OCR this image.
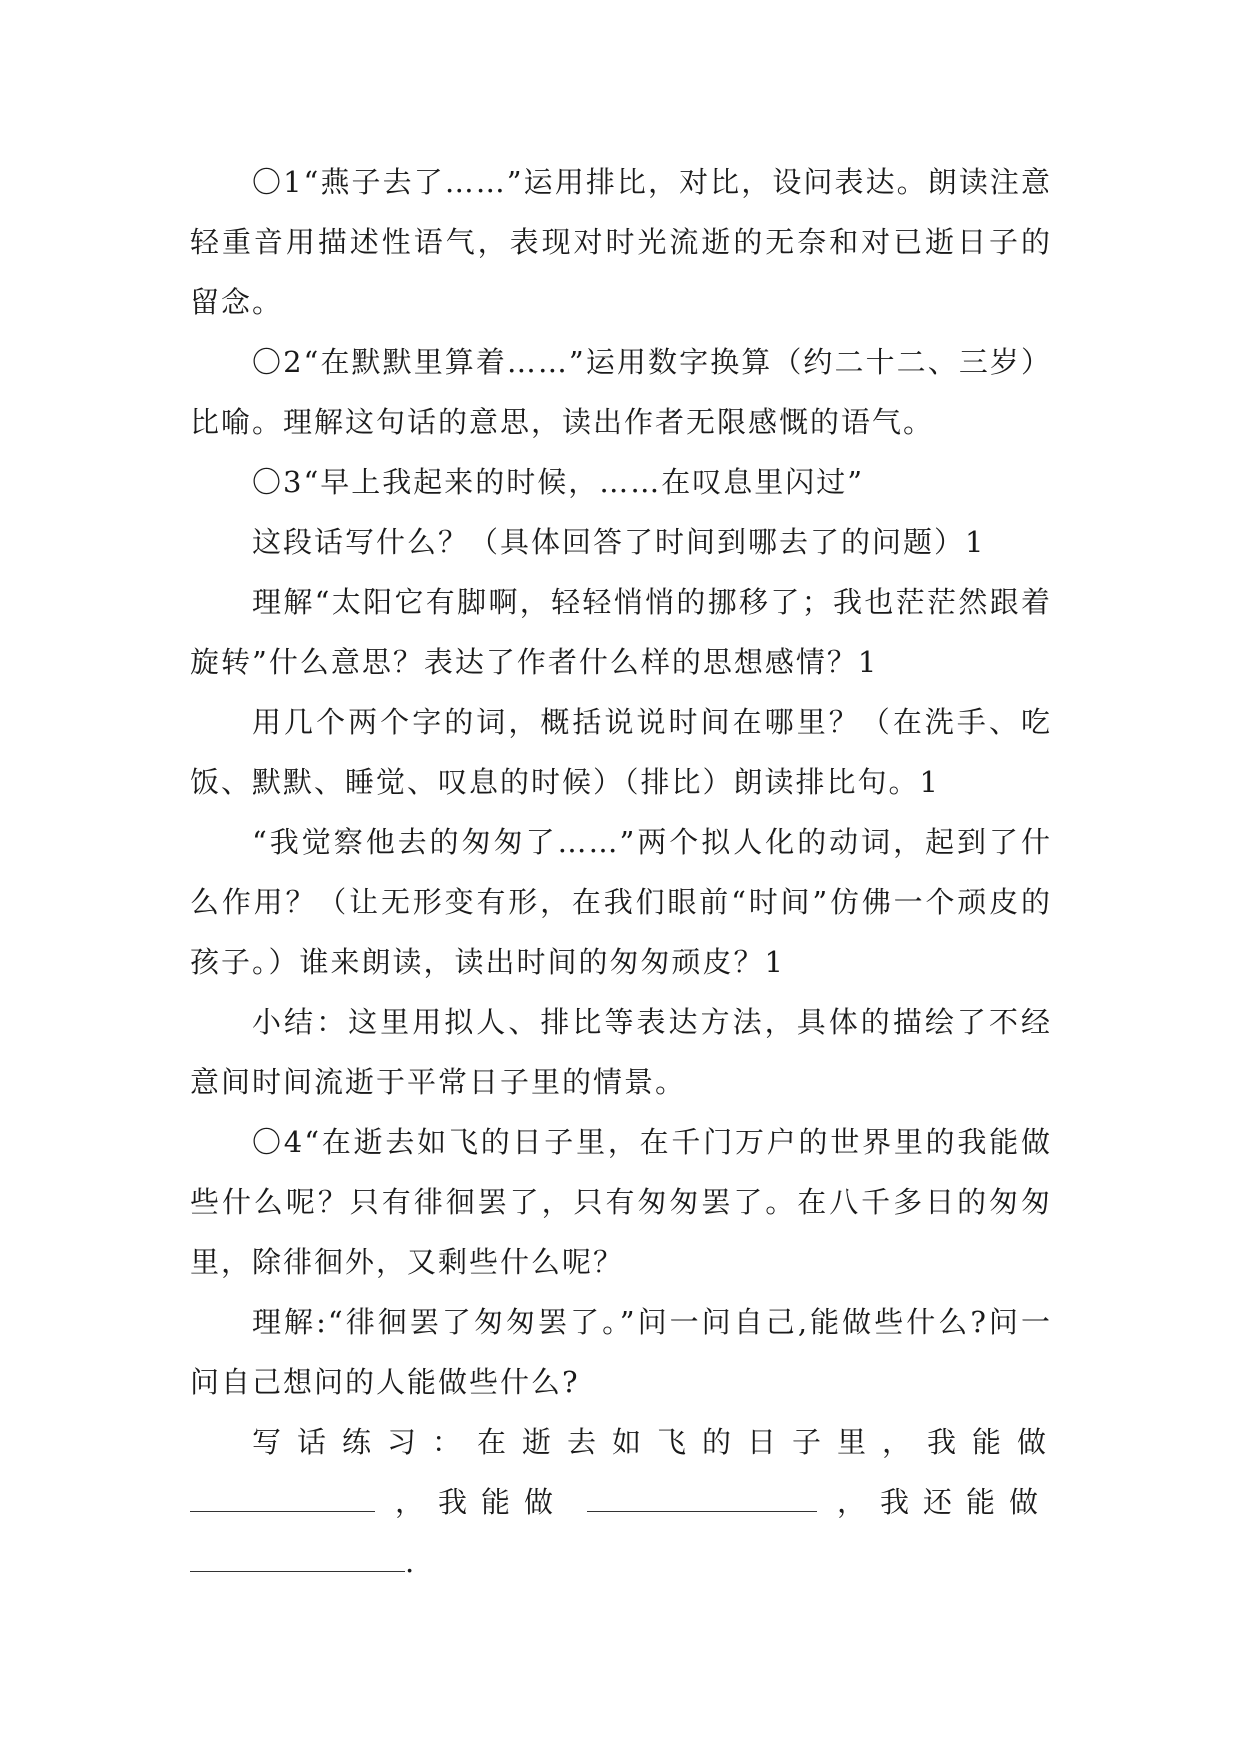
〇1“燕子去了……”运用排比，对比，设问表达。朗读注意轻重音用描述性语气，表现对时光流逝的无奈和对已逝日子的留念。

〇2“在默默里算着……”运用数字换算（约二十二、三岁）比喻。理解这句话的意思，读出作者无限感慨的语气。

〇3“早上我起来的时候，……在叹息里闪过”

这段话写什么？（具体回答了时间到哪去了的问题）1

理解“太阳它有脚啊，轻轻悄悄的挪移了；我也茫茫然跟着旋转”什么意思？表达了作者什么样的思想感情？1

用几个两个字的词，概括说说时间在哪里？（在洗手、吃饭、默默、睡觉、叹息的时候）（排比）朗读排比句。1

“我觉察他去的匆匆了……”两个拟人化的动词，起到了什么作用？（让无形变有形，在我们眼前“时间”仿佛一个顽皮的孩子。）谁来朗读，读出时间的匆匆顽皮？1

小结：这里用拟人、排比等表达方法，具体的描绘了不经意间时间流逝于平常日子里的情景。

〇4“在逝去如飞的日子里，在千门万户的世界里的我能做些什么呢？只有徘徊罢了，只有匆匆罢了。在八千多日的匆匆里，除徘徊外，又剩些什么呢？

理解:“徘徊罢了匆匆罢了。”问一问自己,能做些什么?问一问自己想问的人能做些什么?

写话练习：在逝去如飞的日子里，我能做
，我能做	，我还能做
.
